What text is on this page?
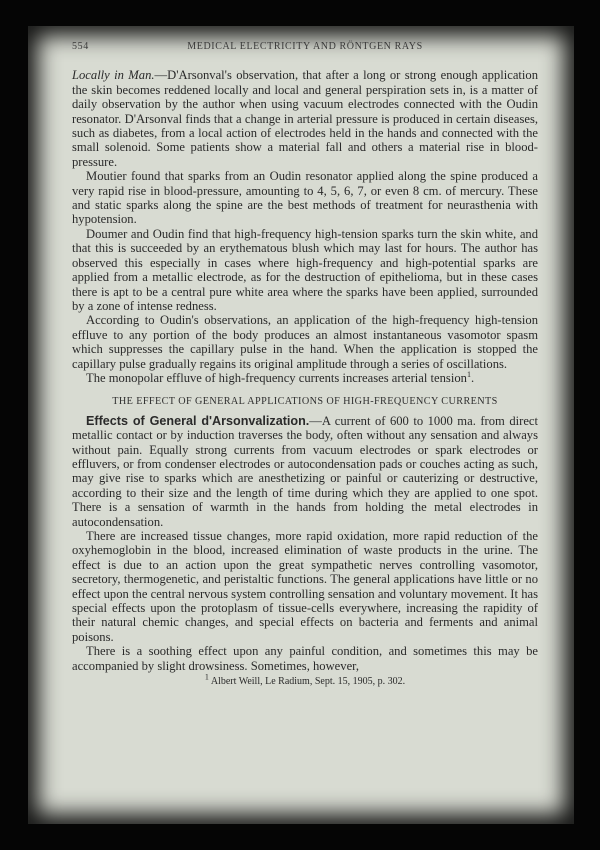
554	MEDICAL ELECTRICITY AND RÖNTGEN RAYS

Locally in Man.—D'Arsonval's observation, that after a long or strong enough application the skin becomes reddened locally and local and general perspiration sets in, is a matter of daily observation by the author when using vacuum electrodes connected with the Oudin resonator. D'Arsonval finds that a change in arterial pressure is produced in certain diseases, such as diabetes, from a local action of electrodes held in the hands and connected with the small solenoid. Some patients show a material fall and others a material rise in blood-pressure.

Moutier found that sparks from an Oudin resonator applied along the spine produced a very rapid rise in blood-pressure, amounting to 4, 5, 6, 7, or even 8 cm. of mercury. These and static sparks along the spine are the best methods of treatment for neurasthenia with hypotension.

Doumer and Oudin find that high-frequency high-tension sparks turn the skin white, and that this is succeeded by an erythematous blush which may last for hours. The author has observed this especially in cases where high-frequency and high-potential sparks are applied from a metallic electrode, as for the destruction of epithelioma, but in these cases there is apt to be a central pure white area where the sparks have been applied, surrounded by a zone of intense redness.

According to Oudin's observations, an application of the high-frequency high-tension effluve to any portion of the body produces an almost instantaneous vasomotor spasm which suppresses the capillary pulse in the hand. When the application is stopped the capillary pulse gradually regains its original amplitude through a series of oscillations.

The monopolar effluve of high-frequency currents increases arterial tension$^1$.

THE EFFECT OF GENERAL APPLICATIONS OF HIGH-FREQUENCY CURRENTS

Effects of General d'Arsonvalization.—A current of 600 to 1000 ma. from direct metallic contact or by induction traverses the body, often without any sensation and always without pain. Equally strong currents from vacuum electrodes or spark electrodes or effluvers, or from condenser electrodes or autocondensation pads or couches acting as such, may give rise to sparks which are anesthetizing or painful or cauterizing or destructive, according to their size and the length of time during which they are applied to one spot. There is a sensation of warmth in the hands from holding the metal electrodes in autocondensation.

There are increased tissue changes, more rapid oxidation, more rapid reduction of the oxyhemoglobin in the blood, increased elimination of waste products in the urine. The effect is due to an action upon the great sympathetic nerves controlling vasomotor, secretory, thermogenetic, and peristaltic functions. The general applications have little or no effect upon the central nervous system controlling sensation and voluntary movement. It has special effects upon the protoplasm of tissue-cells everywhere, increasing the rapidity of their natural chemic changes, and special effects on bacteria and ferments and animal poisons.

There is a soothing effect upon any painful condition, and sometimes this may be accompanied by slight drowsiness. Sometimes, however,

$^1$ Albert Weill, Le Radium, Sept. 15, 1905, p. 302.
